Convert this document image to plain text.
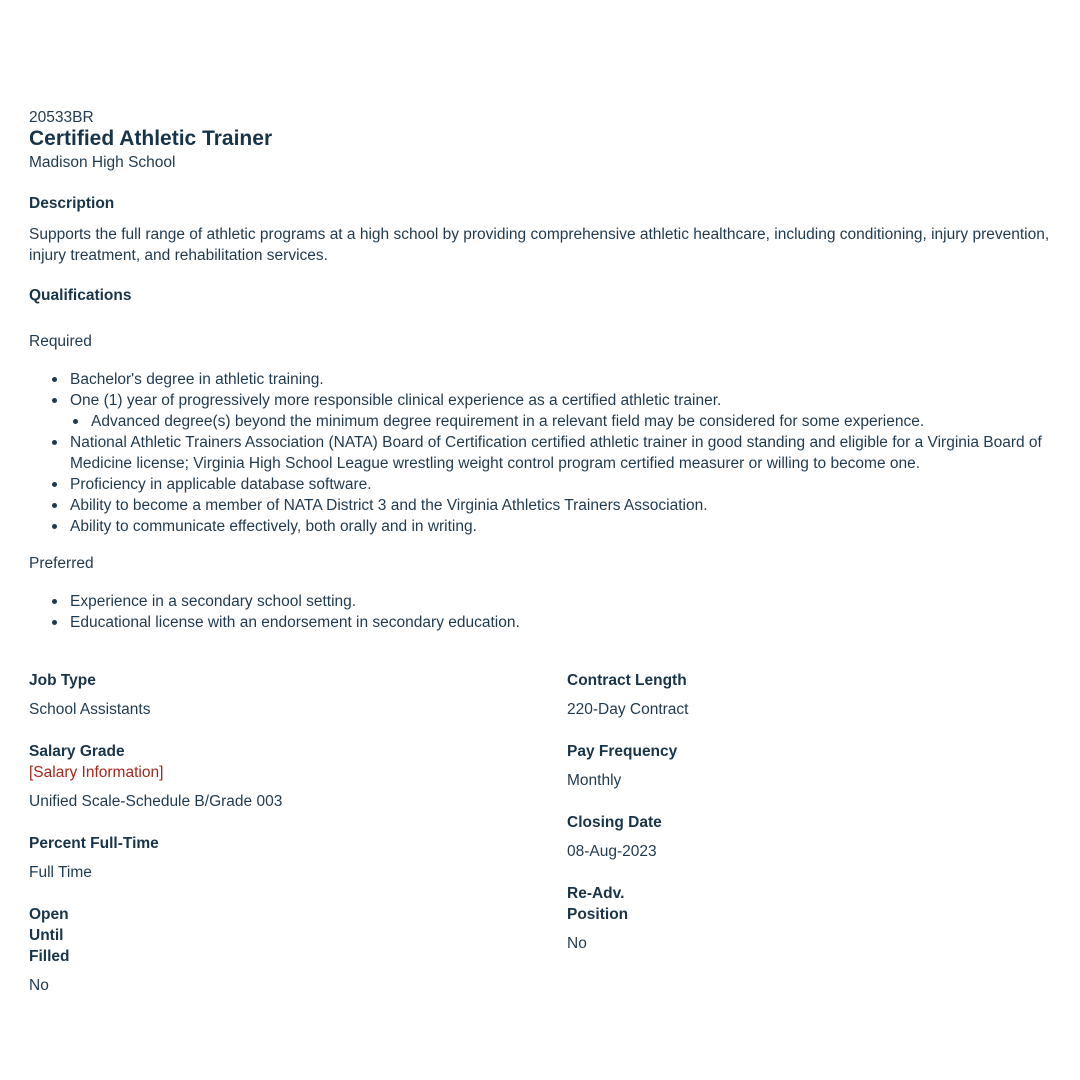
20533BR
Certified Athletic Trainer
Madison High School
Description

Supports the full range of athletic programs at a high school by providing comprehensive athletic healthcare, including conditioning, injury prevention, injury treatment, and rehabilitation services.

Qualifications
Required
Bachelor's degree in athletic training.
One (1) year of progressively more responsible clinical experience as a certified athletic trainer.
Advanced degree(s) beyond the minimum degree requirement in a relevant field may be considered for some experience.
National Athletic Trainers Association (NATA) Board of Certification certified athletic trainer in good standing and eligible for a Virginia Board of Medicine license; Virginia High School League wrestling weight control program certified measurer or willing to become one.
Proficiency in applicable database software.
Ability to become a member of NATA District 3 and the Virginia Athletics Trainers Association.
Ability to communicate effectively, both orally and in writing.
Preferred
Experience in a secondary school setting.
Educational license with an endorsement in secondary education.
Job Type
School Assistants
Salary Grade
[Salary Information]
Unified Scale-Schedule B/Grade 003
Percent Full-Time
Full Time
Open Until Filled
No
Contract Length
220-Day Contract
Pay Frequency
Monthly
Closing Date
08-Aug-2023
Re-Adv. Position
No
